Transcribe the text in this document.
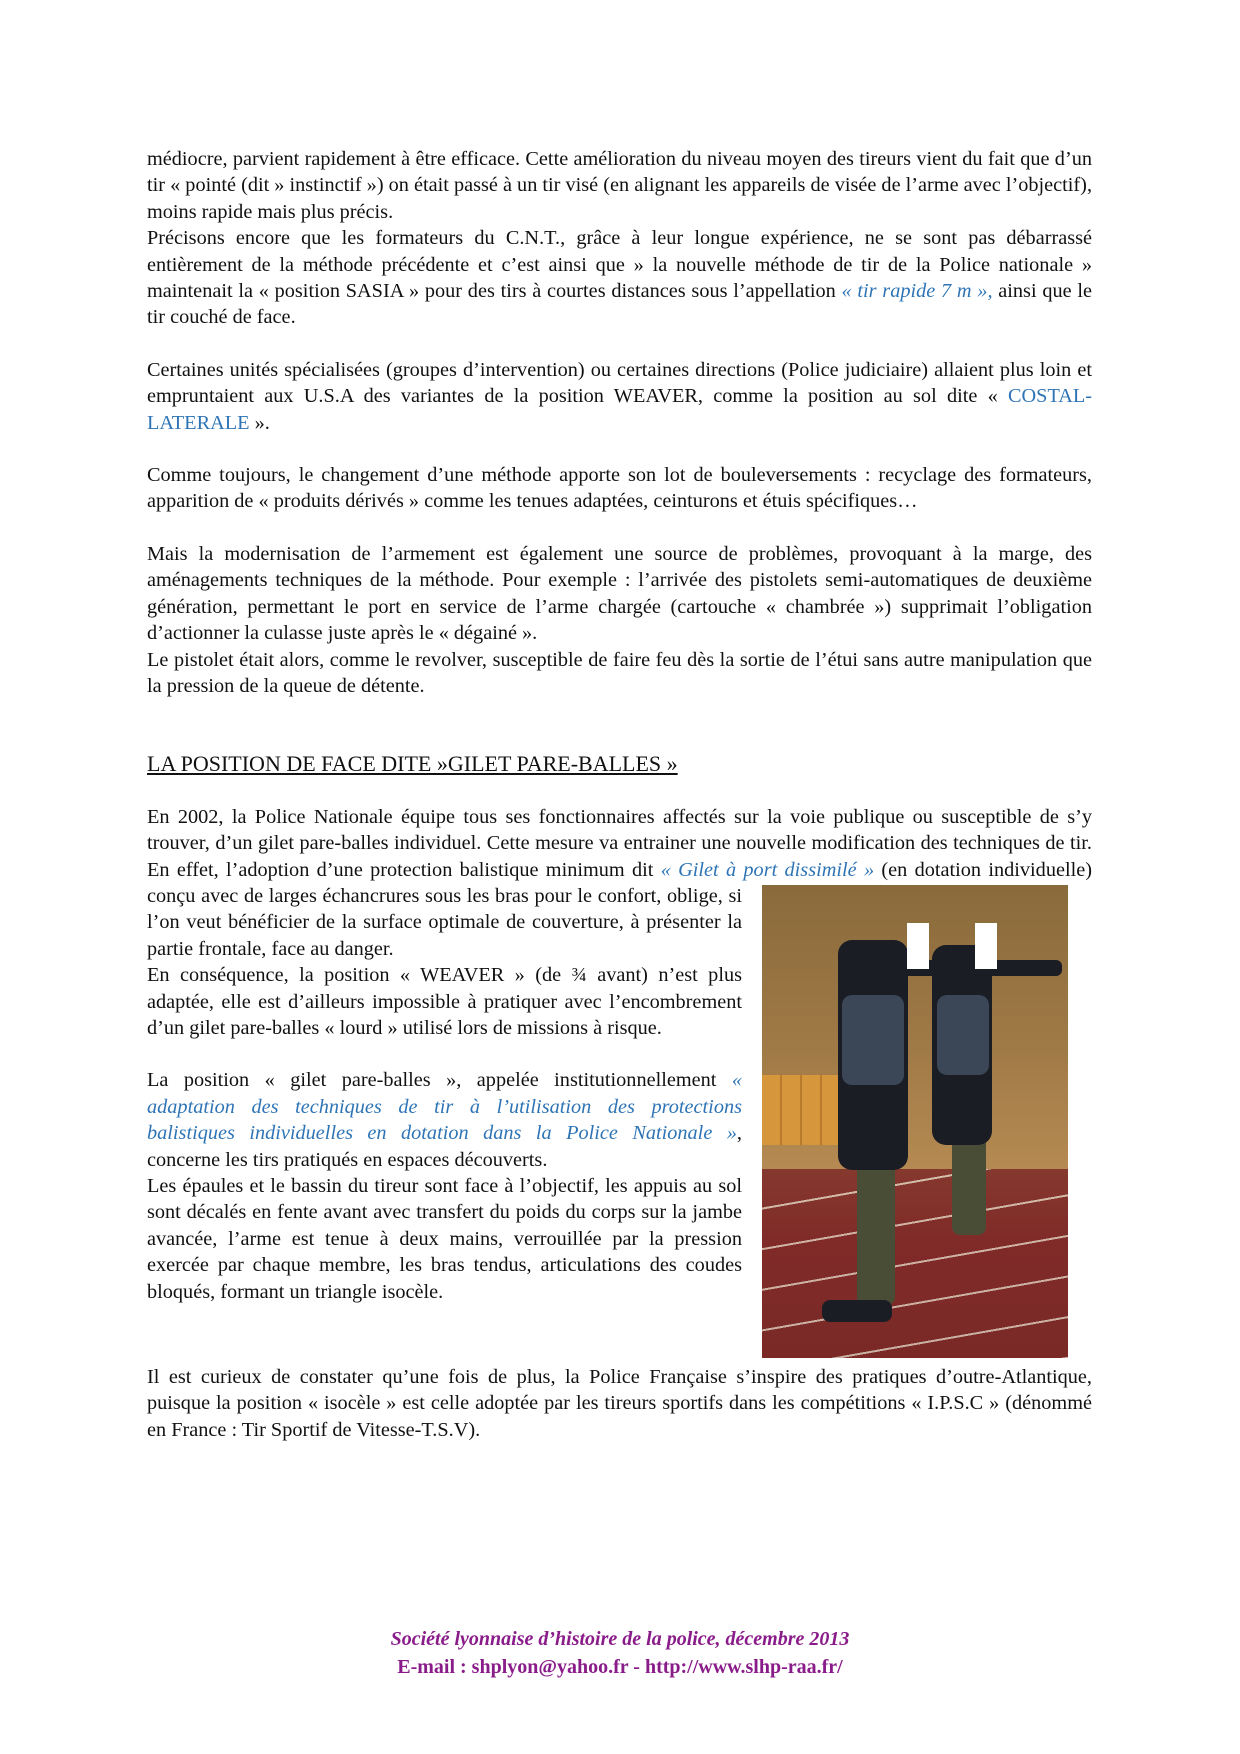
médiocre, parvient rapidement à être efficace. Cette amélioration du niveau moyen des tireurs vient du fait que d’un tir « pointé (dit » instinctif ») on était passé à un tir visé (en alignant les appareils de visée de l’arme avec l’objectif), moins rapide mais plus précis.

Précisons encore que les formateurs du C.N.T., grâce à leur longue expérience, ne se sont pas débarrassé entièrement de la méthode précédente et c’est ainsi que » la nouvelle méthode de tir de la Police nationale » maintenait la « position SASIA » pour des tirs à courtes distances sous l’appellation « tir rapide 7 m », ainsi que le tir couché de face.

Certaines unités spécialisées (groupes d’intervention) ou certaines directions (Police judiciaire) allaient plus loin et empruntaient aux U.S.A des variantes de la position WEAVER, comme la position au sol dite « COSTAL-LATERALE ».

Comme toujours, le changement d’une méthode apporte son lot de bouleversements : recyclage des formateurs, apparition de « produits dérivés » comme les tenues adaptées, ceinturons et étuis spécifiques…

Mais la modernisation de l’armement est également une source de problèmes, provoquant à la marge, des aménagements techniques de la méthode. Pour exemple : l’arrivée des pistolets semi-automatiques de deuxième génération, permettant le port en service de l’arme chargée (cartouche « chambrée ») supprimait l’obligation d’actionner la culasse juste après le « dégainé ».

Le pistolet était alors, comme le revolver, susceptible de faire feu dès la sortie de l’étui sans autre manipulation que la pression de la queue de détente.

LA POSITION DE FACE DITE »GILET PARE-BALLES »

En 2002, la Police Nationale équipe tous ses fonctionnaires affectés sur la voie publique ou susceptible de s’y trouver, d’un gilet pare-balles individuel. Cette mesure va entrainer une nouvelle modification des techniques de tir. En effet, l’adoption d’une protection balistique minimum dit « Gilet à port dissimilé »
(en dotation individuelle) conçu avec de larges échancrures sous les bras pour le confort, oblige, si l’on veut bénéficier de la surface optimale de couverture, à présenter la partie frontale, face au danger.

En conséquence, la position « WEAVER » (de ¾ avant) n’est plus adaptée, elle est d’ailleurs impossible à pratiquer avec l’encombrement d’un gilet pare-balles « lourd » utilisé lors de missions à risque.

La position « gilet pare-balles », appelée institutionnellement « adaptation des techniques de tir à l’utilisation des protections balistiques individuelles en dotation dans la Police Nationale », concerne les tirs pratiqués en espaces découverts.

Les épaules et le bassin du tireur sont face à l’objectif, les appuis au sol sont décalés en fente avant avec transfert du poids du corps sur la jambe avancée, l’arme est tenue à deux mains, verrouillée par la pression exercée par chaque membre, les bras tendus, articulations des coudes bloqués, formant un triangle isocèle.

Il est curieux de constater qu’une fois de plus, la Police Française s’inspire des pratiques d’outre-Atlantique, puisque la position « isocèle » est celle adoptée par les tireurs sportifs dans les compétitions « I.P.S.C » (dénommé en France : Tir Sportif de Vitesse-T.S.V).

Société lyonnaise d’histoire de la police, décembre 2013
E-mail : shplyon@yahoo.fr - http://www.slhp-raa.fr/
